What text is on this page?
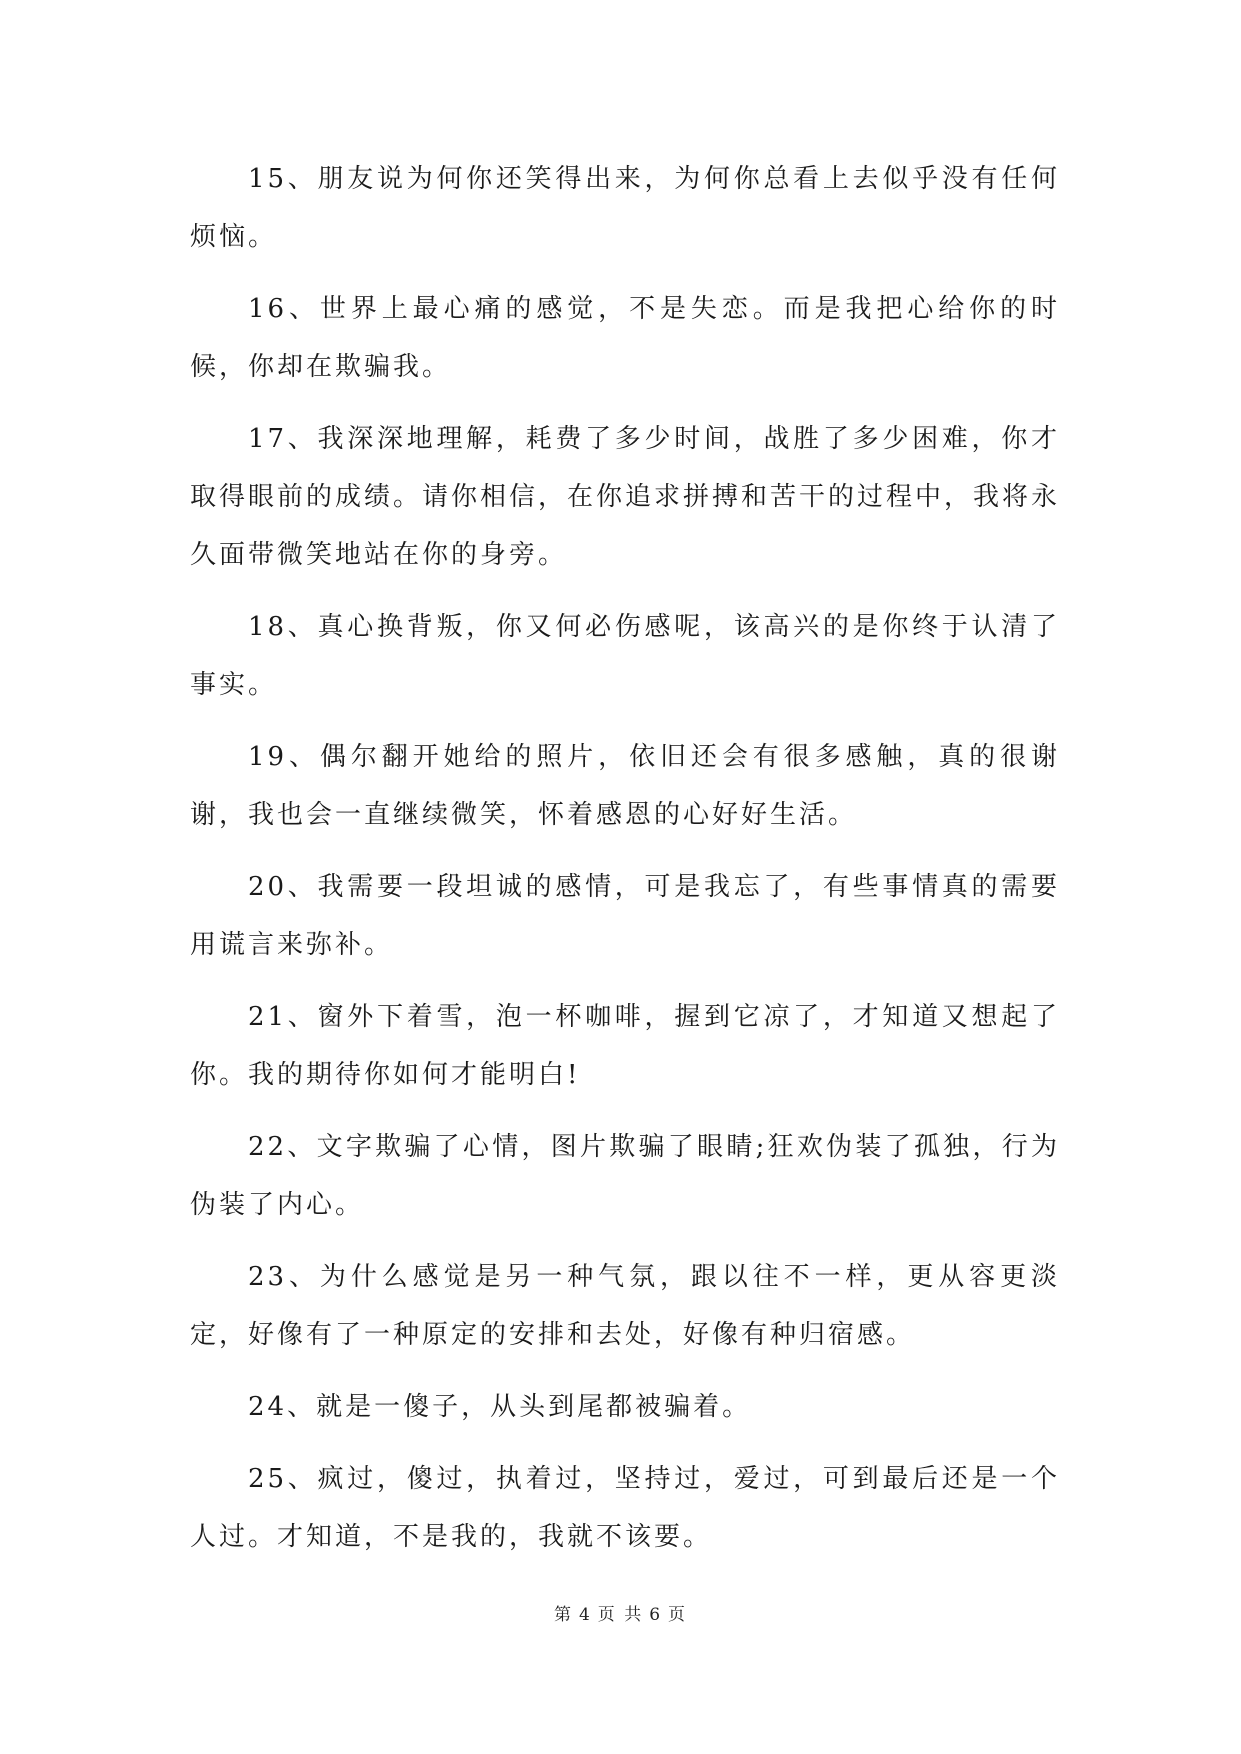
15、朋友说为何你还笑得出来，为何你总看上去似乎没有任何烦恼。

16、世界上最心痛的感觉，不是失恋。而是我把心给你的时候，你却在欺骗我。

17、我深深地理解，耗费了多少时间，战胜了多少困难，你才取得眼前的成绩。请你相信，在你追求拼搏和苦干的过程中，我将永久面带微笑地站在你的身旁。

18、真心换背叛，你又何必伤感呢，该高兴的是你终于认清了事实。

19、偶尔翻开她给的照片，依旧还会有很多感触，真的很谢谢，我也会一直继续微笑，怀着感恩的心好好生活。

20、我需要一段坦诚的感情，可是我忘了，有些事情真的需要用谎言来弥补。

21、窗外下着雪，泡一杯咖啡，握到它凉了，才知道又想起了你。我的期待你如何才能明白!

22、文字欺骗了心情，图片欺骗了眼睛;狂欢伪装了孤独，行为伪装了内心。

23、为什么感觉是另一种气氛，跟以往不一样，更从容更淡定，好像有了一种原定的安排和去处，好像有种归宿感。

24、就是一傻子，从头到尾都被骗着。

25、疯过，傻过，执着过，坚持过，爱过，可到最后还是一个人过。才知道，不是我的，我就不该要。

第 4 页 共 6 页
